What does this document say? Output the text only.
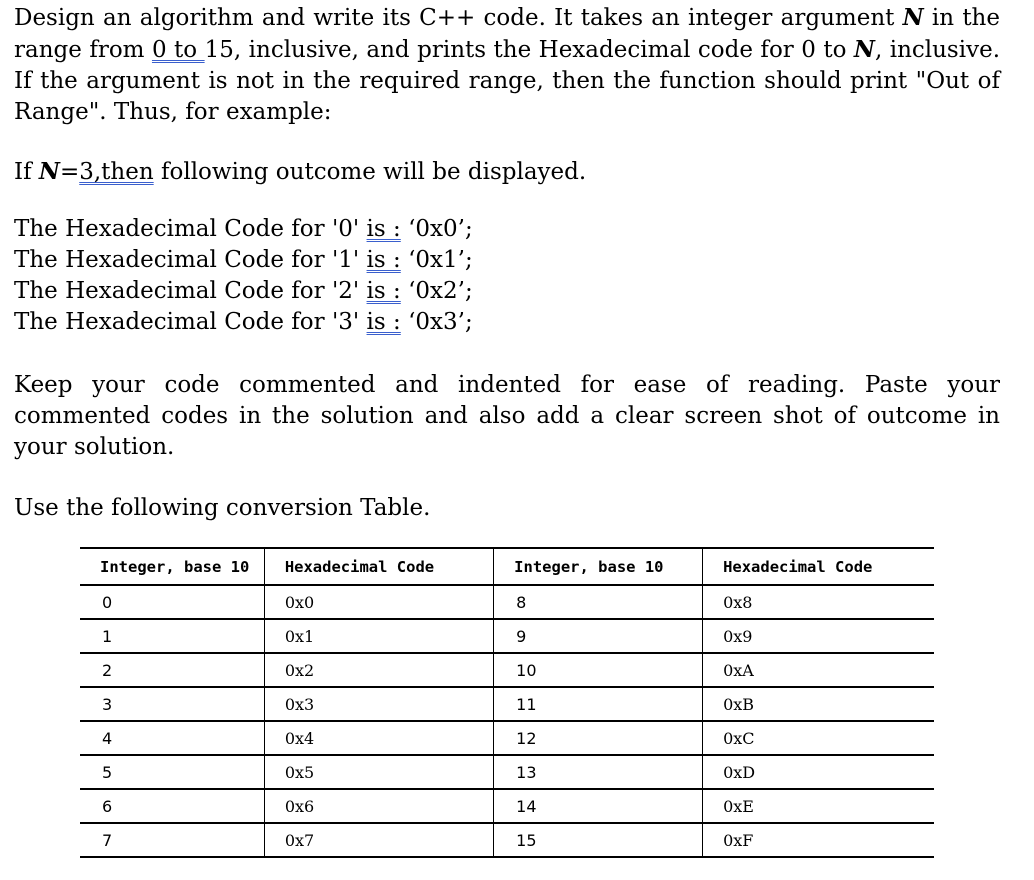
Design an algorithm and write its C++ code. It takes an integer argument N in the range from 0 to 15, inclusive, and prints the Hexadecimal code for 0 to N, inclusive. If the argument is not in the required range, then the function should print "Out of Range". Thus, for example:

If N=3,then following outcome will be displayed.

The Hexadecimal Code for '0' is : ‘0x0’;

The Hexadecimal Code for '1' is : ‘0x1’;

The Hexadecimal Code for '2' is : ‘0x2’;

The Hexadecimal Code for '3' is : ‘0x3’;

Keep your code commented and indented for ease of reading. Paste your commented codes in the solution and also add a clear screen shot of outcome in your solution.

Use the following conversion Table.

Integer, base 10	Hexadecimal Code	Integer, base 10	Hexadecimal Code
0	0x0	8	0x8
1	0x1	9	0x9
2	0x2	10	0xA
3	0x3	11	0xB
4	0x4	12	0xC
5	0x5	13	0xD
6	0x6	14	0xE
7	0x7	15	0xF
